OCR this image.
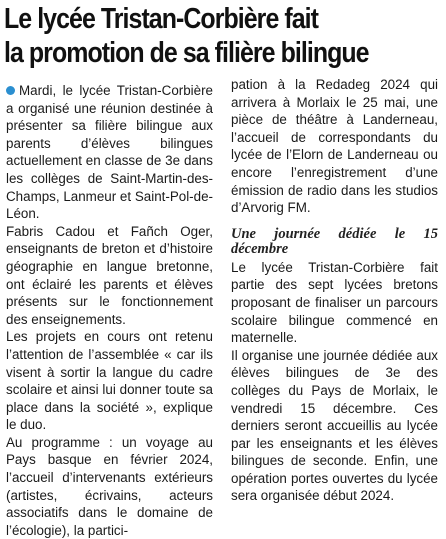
Le lycée Tristan-Corbière fait
la promotion de sa filière bilingue

Mardi, le lycée Tristan-Corbière a organisé une réunion destinée à présenter sa filière bilingue aux parents d’élèves bilingues actuellement en classe de 3e dans les collèges de Saint-Martin-des-Champs, Lanmeur et Saint-Pol-de-Léon.

Fabris Cadou et Fañch Oger, enseignants de breton et d’histoire géographie en langue bretonne, ont éclairé les parents et élèves présents sur le fonctionnement des enseignements.

Les projets en cours ont retenu l’attention de l’assemblée « car ils visent à sortir la langue du cadre scolaire et ainsi lui donner toute sa place dans la société », explique le duo.

Au programme : un voyage au Pays basque en février 2024, l’accueil d’intervenants extérieurs (artistes, écrivains, acteurs associatifs dans le domaine de l’écologie), la partici-

pation à la Redadeg 2024 qui arrivera à Morlaix le 25 mai, une pièce de théâtre à Landerneau, l’accueil de correspondants du lycée de l’Elorn de Landerneau ou encore l’enregistrement d’une émission de radio dans les studios d’Arvorig FM.

Une journée dédiée le 15 décembre

Le lycée Tristan-Corbière fait partie des sept lycées bretons proposant de finaliser un parcours scolaire bilingue commencé en maternelle.

Il organise une journée dédiée aux élèves bilingues de 3e des collèges du Pays de Morlaix, le vendredi 15 décembre. Ces derniers seront accueillis au lycée par les enseignants et les élèves bilingues de seconde. Enfin, une opération portes ouvertes du lycée sera organisée début 2024.
